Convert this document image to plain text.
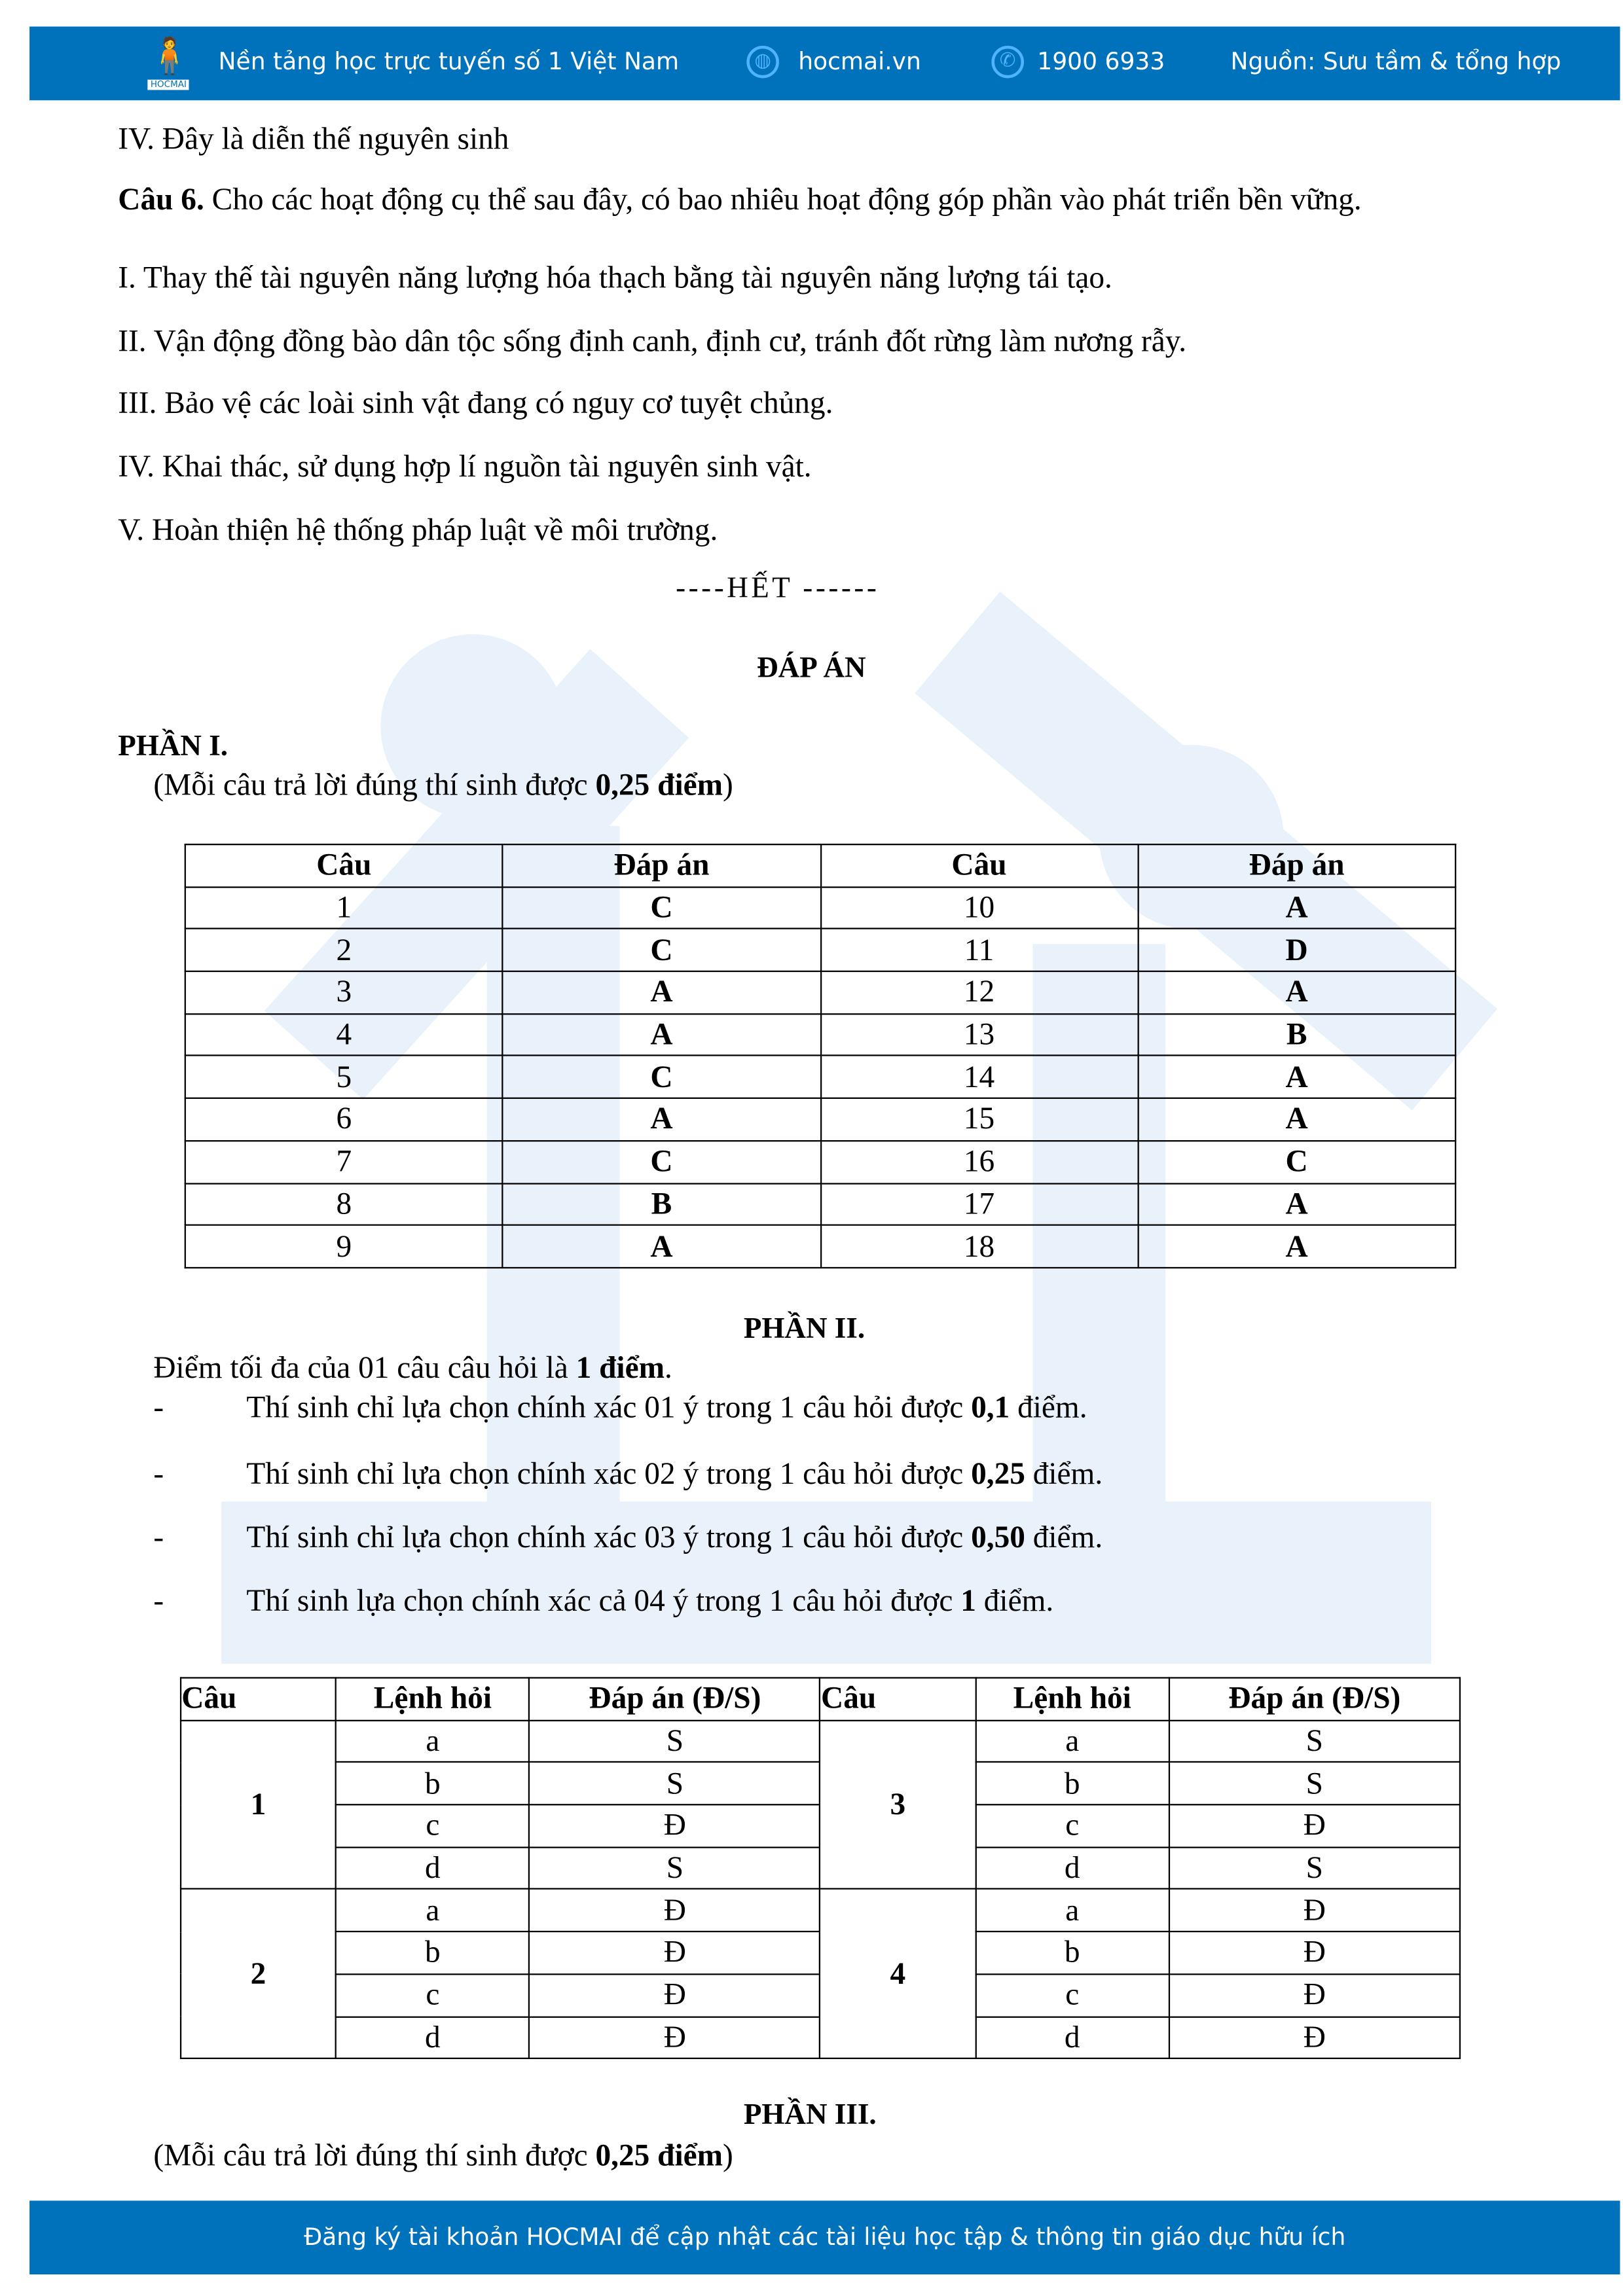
🧍
HOCMAI
Nền tảng học trực tuyến số 1 Việt Nam	◍	hocmai.vn	✆	1900 6933	Nguồn: Sưu tầm & tổng hợp
IV. Đây là diễn thế nguyên sinh
Câu 6. Cho các hoạt động cụ thể sau đây, có bao nhiêu hoạt động góp phần vào phát triển bền vững.
I. Thay thế tài nguyên năng lượng hóa thạch bằng tài nguyên năng lượng tái tạo.
II. Vận động đồng bào dân tộc sống định canh, định cư, tránh đốt rừng làm nương rẫy.
III. Bảo vệ các loài sinh vật đang có nguy cơ tuyệt chủng.
IV. Khai thác, sử dụng hợp lí nguồn tài nguyên sinh vật.
V. Hoàn thiện hệ thống pháp luật về môi trường.
----HẾT ------
ĐÁP ÁN
PHẦN I.
(Mỗi câu trả lời đúng thí sinh được 0,25 điểm)
Câu	Đáp án	Câu	Đáp án
1	C	10	A
2	C	11	D
3	A	12	A
4	A	13	B
5	C	14	A
6	A	15	A
7	C	16	C
8	B	17	A
9	A	18	A
PHẦN II.
Điểm tối đa của 01 câu câu hỏi là 1 điểm.
-	Thí sinh chỉ lựa chọn chính xác 01 ý trong 1 câu hỏi được 0,1 điểm.
-	Thí sinh chỉ lựa chọn chính xác 02 ý trong 1 câu hỏi được 0,25 điểm.
-	Thí sinh chỉ lựa chọn chính xác 03 ý trong 1 câu hỏi được 0,50 điểm.
-	Thí sinh lựa chọn chính xác cả 04 ý trong 1 câu hỏi được 1 điểm.
Câu	Lệnh hỏi	Đáp án (Đ/S)	Câu	Lệnh hỏi	Đáp án (Đ/S)
1	a	S	3	a	S
	b	S		b	S
	c	Đ		c	Đ
	d	S		d	S
2	a	Đ	4	a	Đ
	b	Đ		b	Đ
	c	Đ		c	Đ
	d	Đ		d	Đ
PHẦN III.
(Mỗi câu trả lời đúng thí sinh được 0,25 điểm)
Đăng ký tài khoản HOCMAI để cập nhật các tài liệu học tập & thông tin giáo dục hữu ích
